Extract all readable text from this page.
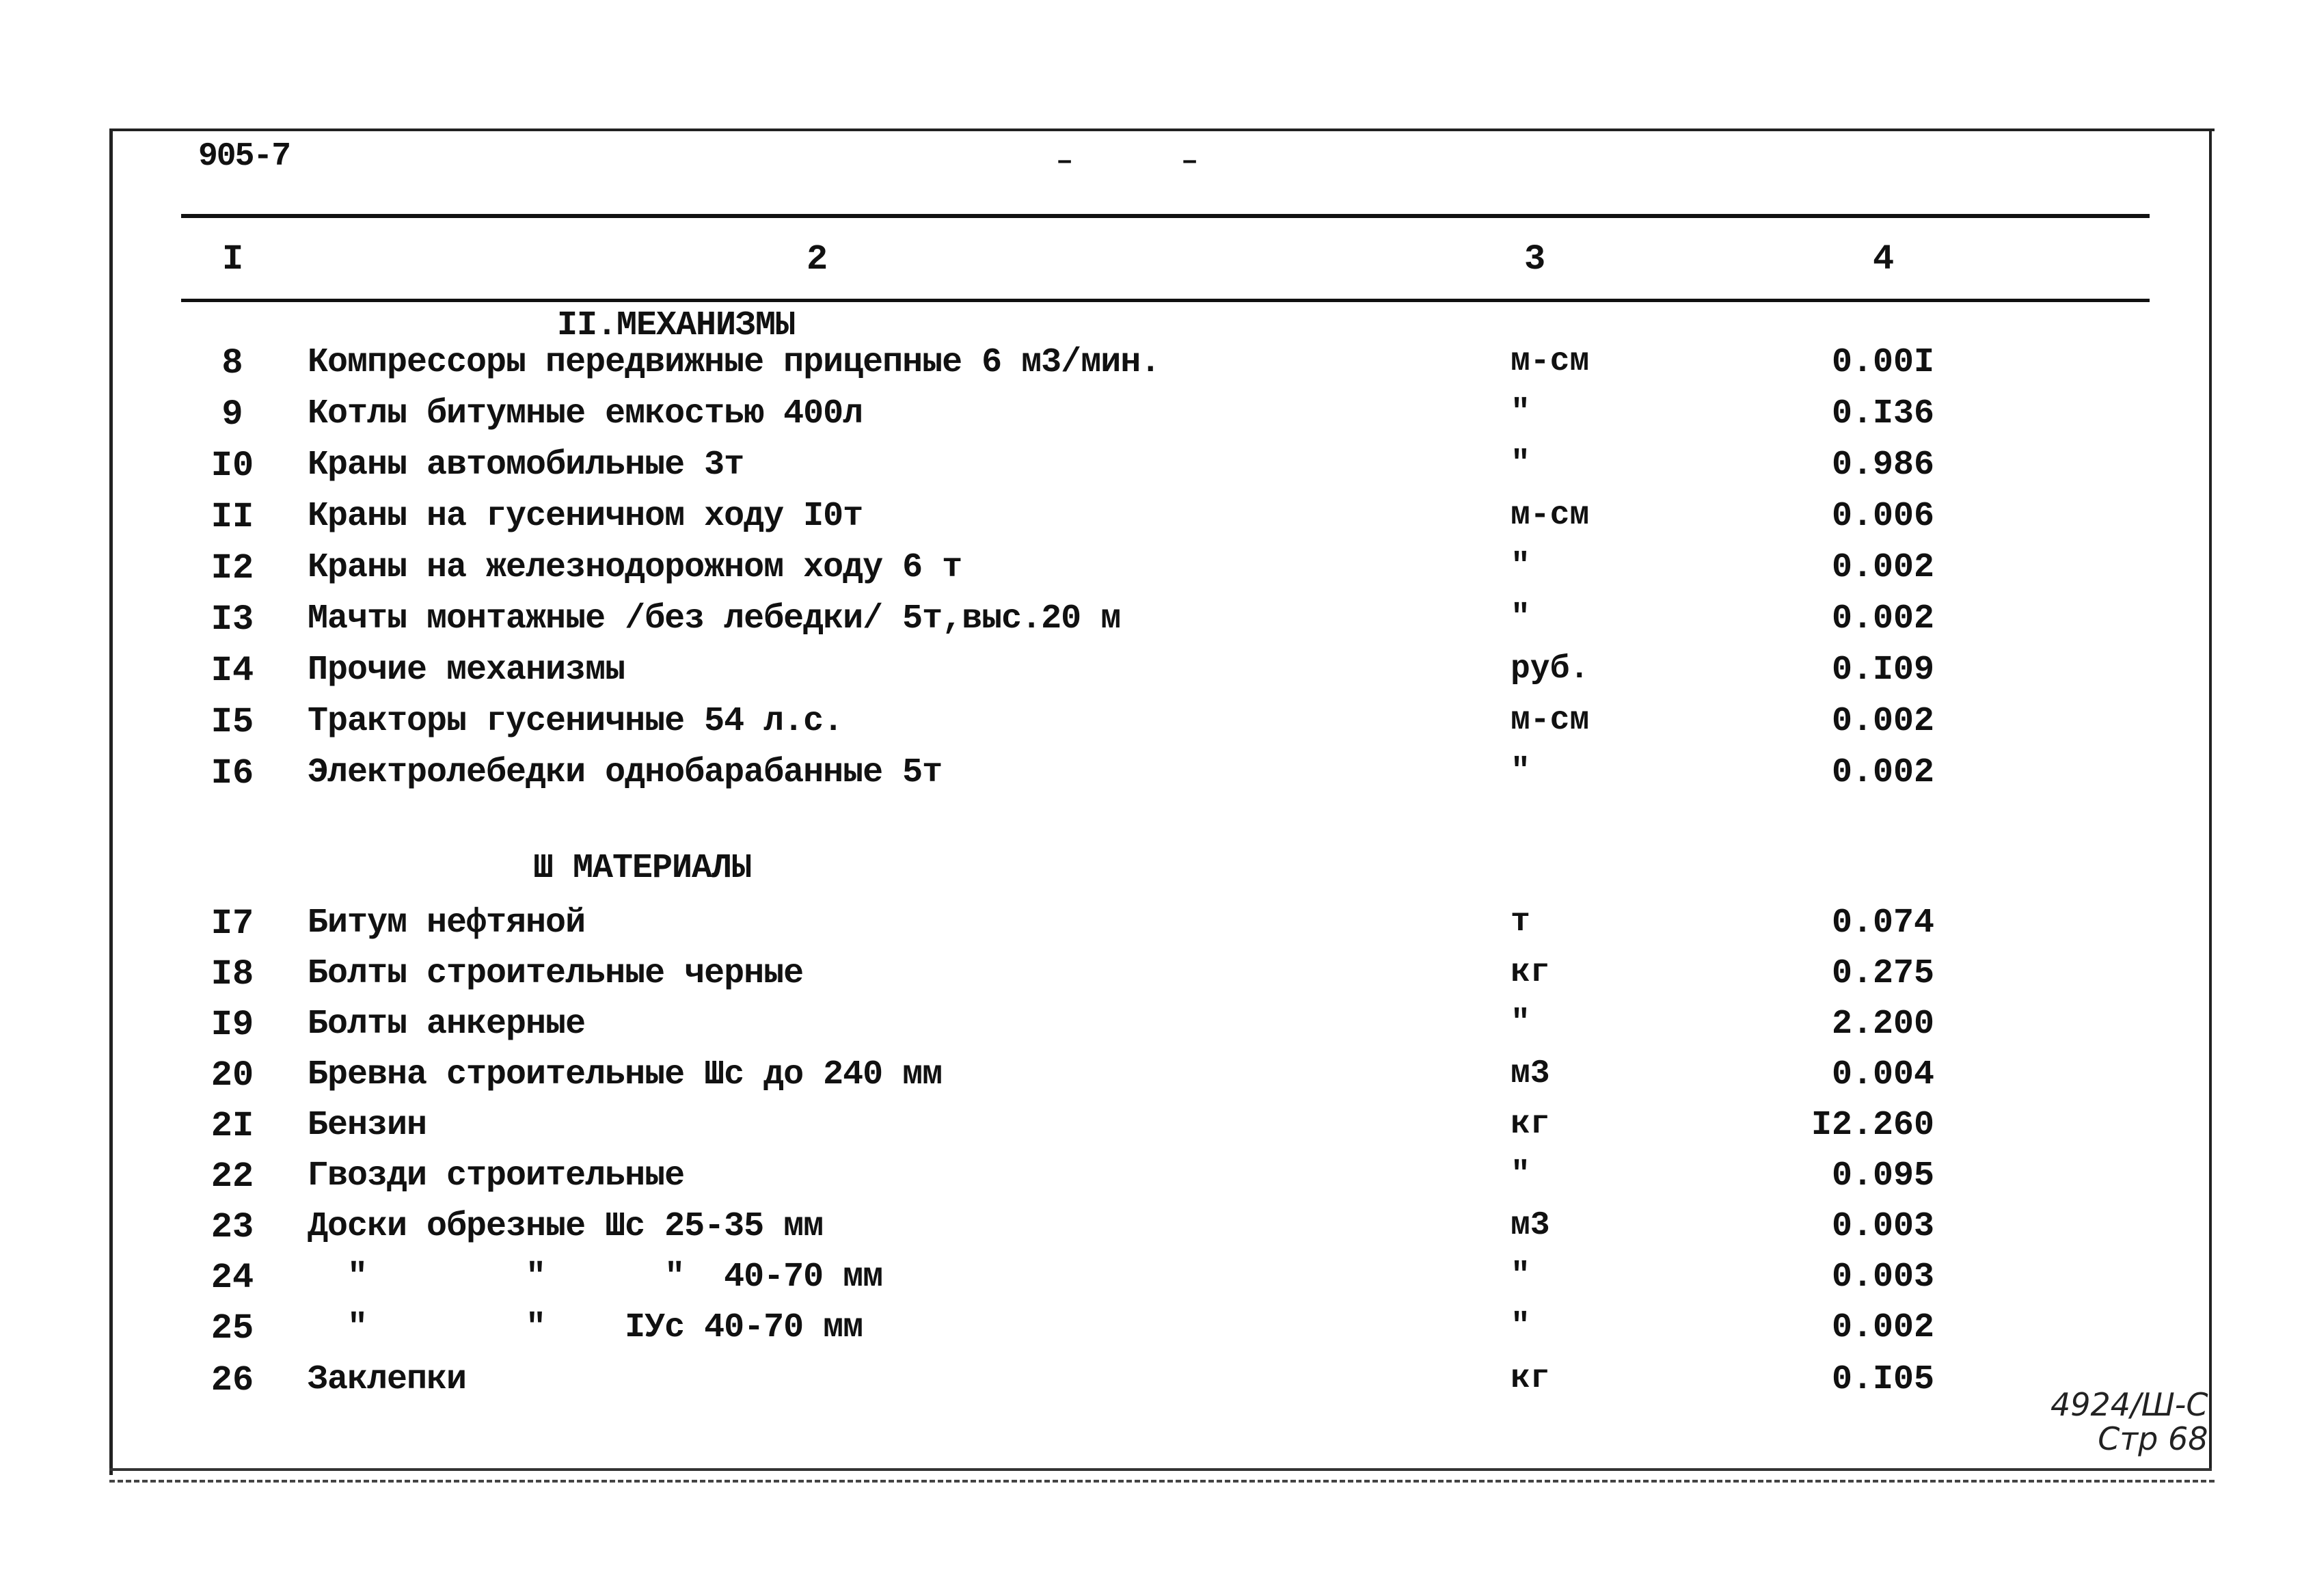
905-7	–	–
I	2	3	4
II.МЕХАНИЗМЫ
8	Компрессоры передвижные прицепные 6 м3/мин.	м-см	0.00I
9	Котлы битумные емкостью 400л	"	0.I36
I0 Краны автомобильные 3т	"	0.986
II Краны на гусеничном ходу I0т	м-см	0.006
I2 Краны на железнодорожном ходу 6 т	"	0.002
I3 Мачты монтажные /без лебедки/ 5т,выс.20 м	"	0.002
I4 Прочие механизмы	руб.	0.I09
I5 Тракторы гусеничные 54 л.с.	м-см	0.002
I6 Электролебедки однобарабанные 5т	"	0.002
Ш МАТЕРИАЛЫ
I7 Битум нефтяной	т	0.074
I8 Болты строительные черные	кг	0.275
I9 Болты анкерные	"	2.200
20 Бревна строительные Шс до 240 мм	м3	0.004
2I Бензин	кг	I2.260
22 Гвозди строительные	"	0.095
23 Доски обрезные Шс 25-35 мм	м3	0.003
24 "        "      "  40-70 мм	"	0.003
25 "        "    IУс 40-70 мм	"	0.002
26 Заклепки	кг	0.I05
4924/Ш-С
Стр 68
